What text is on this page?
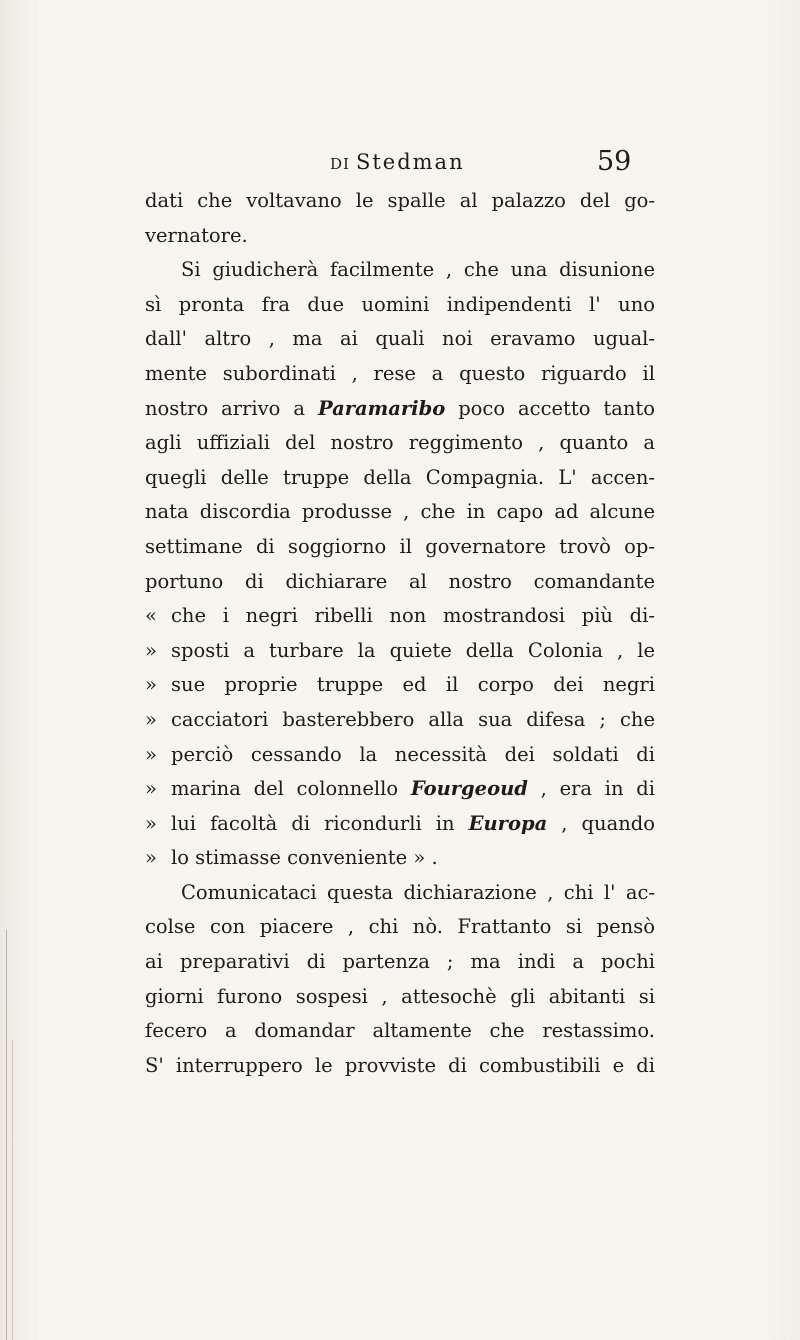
DI Stedman	59
dati che voltavano le spalle al palazzo del go-
vernatore.
Si giudicherà facilmente , che una disunione
sì pronta fra due uomini indipendenti l' uno
dall' altro , ma ai quali noi eravamo ugual-
mente subordinati , rese a questo riguardo il
nostro arrivo a Paramaribo poco accetto tanto
agli uffiziali del nostro reggimento , quanto a
quegli delle truppe della Compagnia. L' accen-
nata discordia produsse , che in capo ad alcune
settimane di soggiorno il governatore trovò op-
portuno di dichiarare al nostro comandante
« che i negri ribelli non mostrandosi più di-
» sposti a turbare la quiete della Colonia , le
» sue proprie truppe ed il corpo dei negri
» cacciatori basterebbero alla sua difesa ; che
» perciò cessando la necessità dei soldati di
» marina del colonnello Fourgeoud , era in di
» lui facoltà di ricondurli in Europa , quando
» lo stimasse conveniente » .
Comunicataci questa dichiarazione , chi l' ac-
colse con piacere , chi nò. Frattanto si pensò
ai preparativi di partenza ; ma indi a pochi
giorni furono sospesi , attesochè gli abitanti si
fecero a domandar altamente che restassimo.
S' interruppero le provviste di combustibili e di
